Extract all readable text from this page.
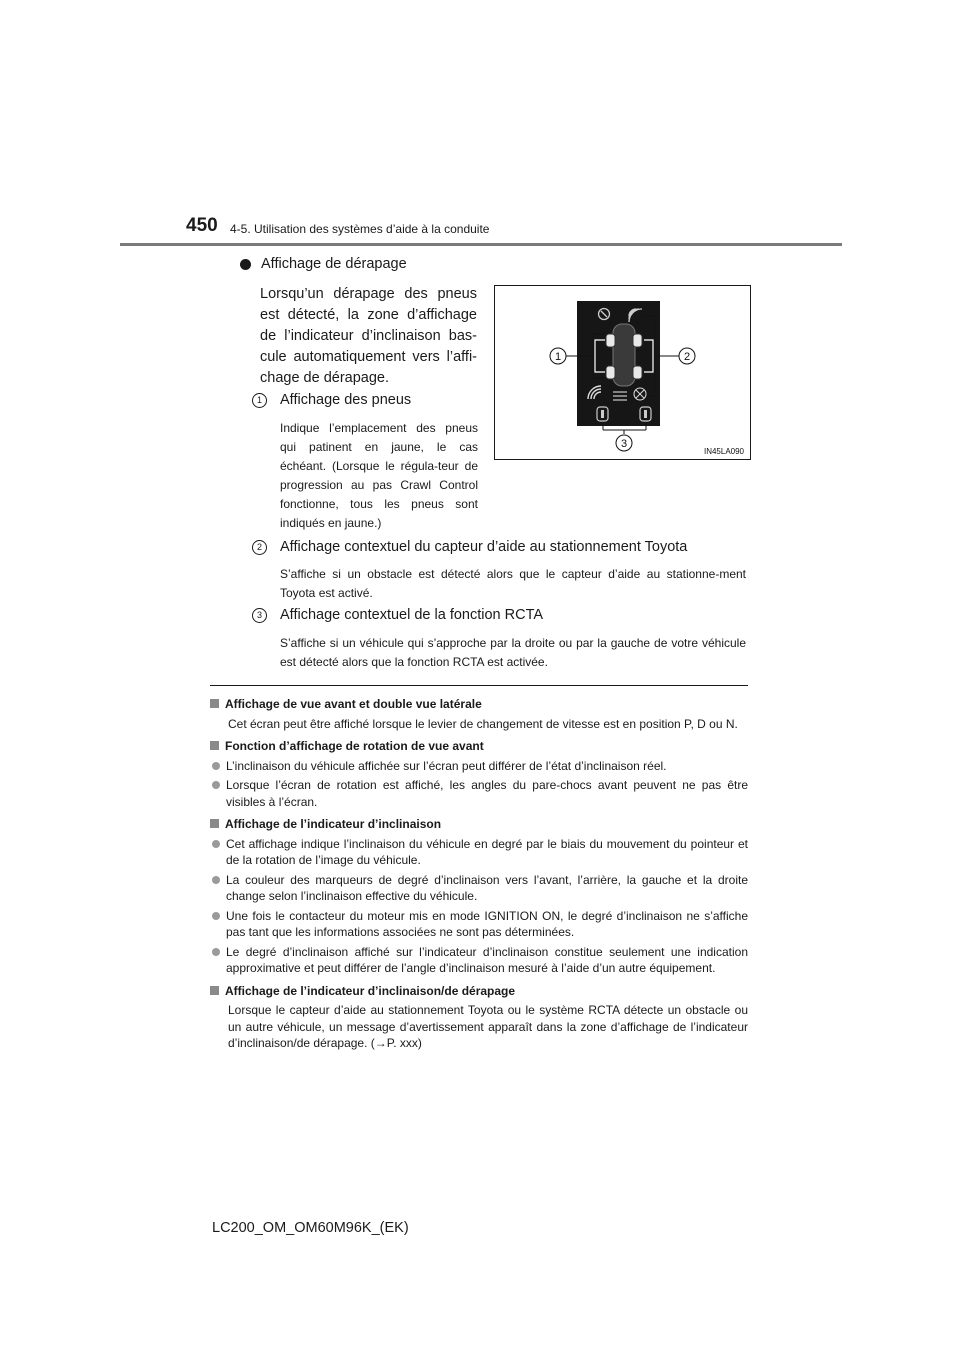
450 4-5. Utilisation des systèmes d’aide à la conduite
Affichage de dérapage
Lorsqu’un dérapage des pneus est détecté, la zone d’affichage de l’indicateur d’inclinaison bas-cule automatiquement vers l’affi-chage de dérapage.
1	Affichage des pneus
Indique l’emplacement des pneus qui patinent en jaune, le cas échéant. (Lorsque le régula-teur de progression au pas Crawl Control fonctionne, tous les pneus sont indiqués en jaune.)
1	2
3
IN45LA090
2	Affichage contextuel du capteur d’aide au stationnement Toyota
S’affiche si un obstacle est détecté alors que le capteur d’aide au stationne-ment Toyota est activé.
3	Affichage contextuel de la fonction RCTA
S’affiche si un véhicule qui s’approche par la droite ou par la gauche de votre véhicule est détecté alors que la fonction RCTA est activée.
Affichage de vue avant et double vue latérale
Cet écran peut être affiché lorsque le levier de changement de vitesse est en position P, D ou N.
Fonction d’affichage de rotation de vue avant
L’inclinaison du véhicule affichée sur l’écran peut différer de l’état d’inclinaison réel.
Lorsque l’écran de rotation est affiché, les angles du pare-chocs avant peuvent ne pas être visibles à l’écran.
Affichage de l’indicateur d’inclinaison
Cet affichage indique l’inclinaison du véhicule en degré par le biais du mouvement du pointeur et de la rotation de l’image du véhicule.
La couleur des marqueurs de degré d’inclinaison vers l’avant, l’arrière, la gauche et la droite change selon l’inclinaison effective du véhicule.
Une fois le contacteur du moteur mis en mode IGNITION ON, le degré d’inclinaison ne s’affiche pas tant que les informations associées ne sont pas déterminées.
Le degré d’inclinaison affiché sur l’indicateur d’inclinaison constitue seulement une indication approximative et peut différer de l’angle d’inclinaison mesuré à l’aide d’un autre équipement.
Affichage de l’indicateur d’inclinaison/de dérapage
Lorsque le capteur d’aide au stationnement Toyota ou le système RCTA détecte un obstacle ou un autre véhicule, un message d’avertissement apparaît dans la zone d’affichage de l’indicateur d’inclinaison/de dérapage. (→P. xxx)
LC200_OM_OM60M96K_(EK)
